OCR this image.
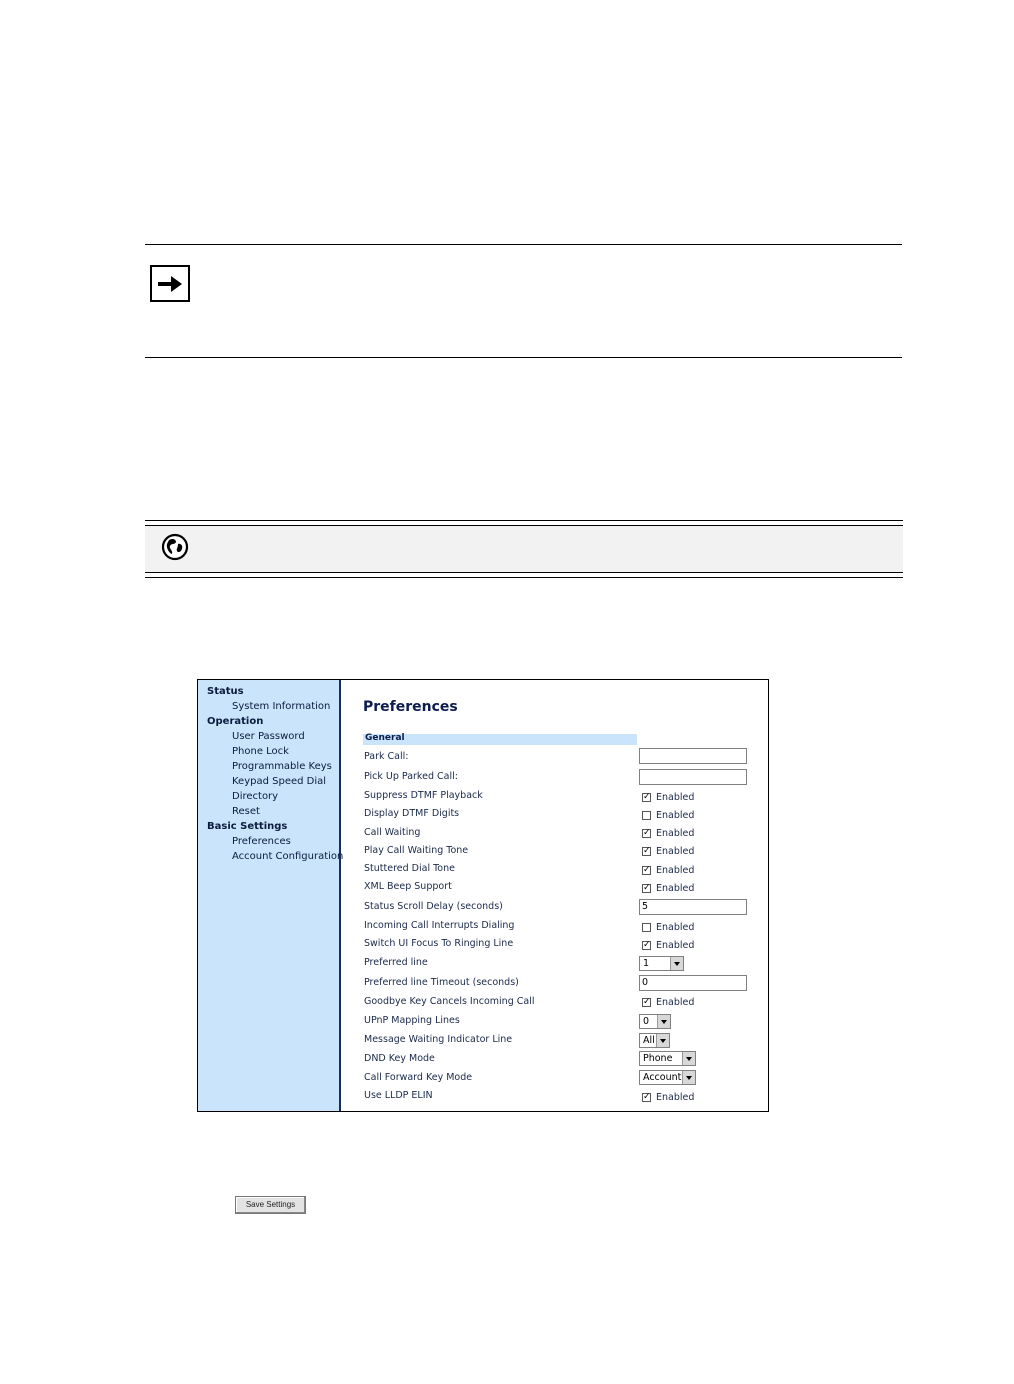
Status
System Information
Operation
User Password
Phone Lock
Programmable Keys
Keypad Speed Dial
Directory
Reset
Basic Settings
Preferences
Account Configuration
Preferences
General
Park Call:
Pick Up Parked Call:
Suppress DTMF Playback	✓ Enabled
Display DTMF Digits	Enabled
Call Waiting	✓ Enabled
Play Call Waiting Tone	✓ Enabled
Stuttered Dial Tone	✓ Enabled
XML Beep Support	✓ Enabled
Status Scroll Delay (seconds)	5
Incoming Call Interrupts Dialing	Enabled
Switch UI Focus To Ringing Line	✓ Enabled
Preferred line	1
Preferred line Timeout (seconds)	0
Goodbye Key Cancels Incoming Call	✓ Enabled
UPnP Mapping Lines	0
Message Waiting Indicator Line	All
DND Key Mode	Phone
Call Forward Key Mode	Account
Use LLDP ELIN	✓ Enabled
Save Settings
